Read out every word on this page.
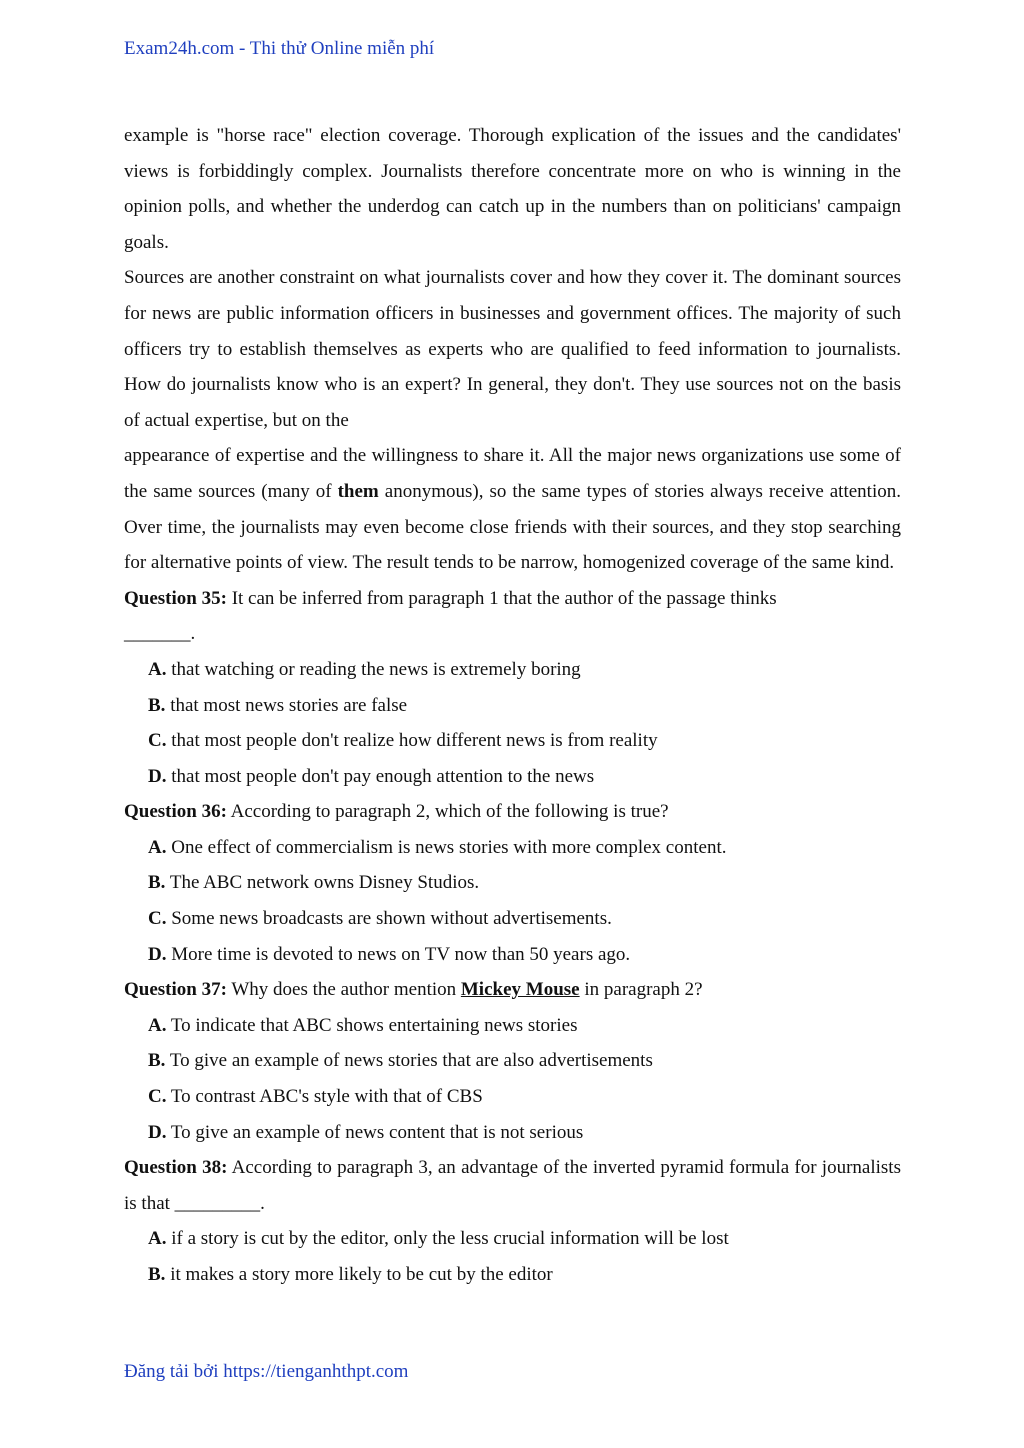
Exam24h.com - Thi thử Online miễn phí

example is "horse race" election coverage. Thorough explication of the issues and the candidates' views is forbiddingly complex. Journalists therefore concentrate more on who is winning in the opinion polls, and whether the underdog can catch up in the numbers than on politicians' campaign goals.

Sources are another constraint on what journalists cover and how they cover it. The dominant sources for news are public information officers in businesses and government offices. The majority of such officers try to establish themselves as experts who are qualified to feed information to journalists. How do journalists know who is an expert? In general, they don't. They use sources not on the basis of actual expertise, but on the

appearance of expertise and the willingness to share it. All the major news organizations use some of the same sources (many of them anonymous), so the same types of stories always receive attention. Over time, the journalists may even become close friends with their sources, and they stop searching for alternative points of view. The result tends to be narrow, homogenized coverage of the same kind.

Question 35: It can be inferred from paragraph 1 that the author of the passage thinks

_______.

A. that watching or reading the news is extremely boring

B. that most news stories are false

C. that most people don't realize how different news is from reality

D. that most people don't pay enough attention to the news

Question 36: According to paragraph 2, which of the following is true?

A. One effect of commercialism is news stories with more complex content.

B. The ABC network owns Disney Studios.

C. Some news broadcasts are shown without advertisements.

D. More time is devoted to news on TV now than 50 years ago.

Question 37: Why does the author mention Mickey Mouse in paragraph 2?

A. To indicate that ABC shows entertaining news stories

B. To give an example of news stories that are also advertisements

C. To contrast ABC's style with that of CBS

D. To give an example of news content that is not serious

Question 38: According to paragraph 3, an advantage of the inverted pyramid formula for journalists is that _________.

A. if a story is cut by the editor, only the less crucial information will be lost

B. it makes a story more likely to be cut by the editor

Đăng tải bởi https://tienganhthpt.com
